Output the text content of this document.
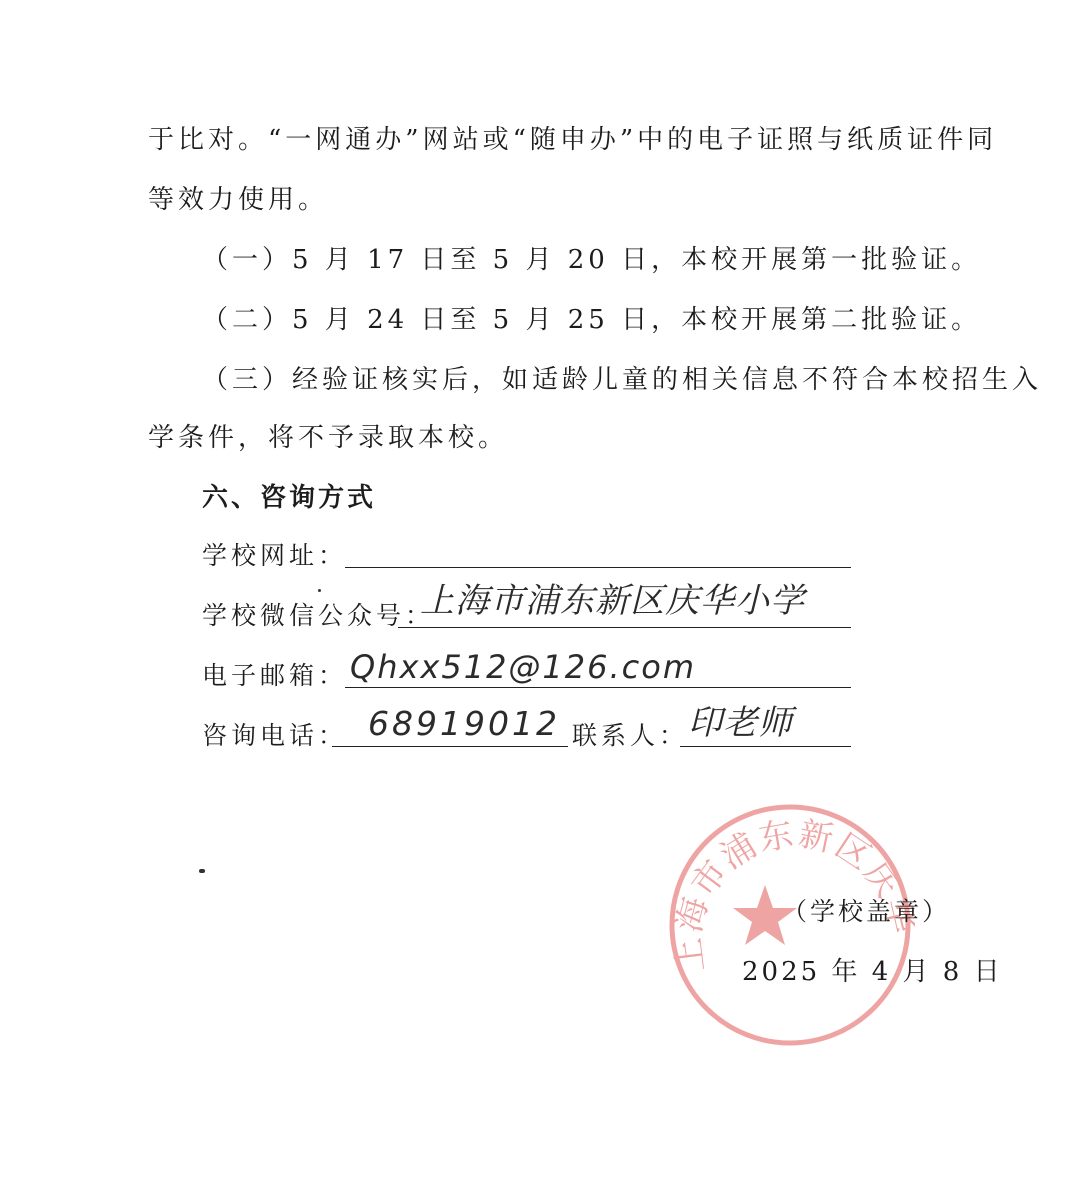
于比对。“一网通办”网站或“随申办”中的电子证照与纸质证件同
等效力使用。
（一）5 月 17 日至 5 月 20 日，本校开展第一批验证。
（二）5 月 24 日至 5 月 25 日，本校开展第二批验证。
（三）经验证核实后，如适龄儿童的相关信息不符合本校招生入
学条件，将不予录取本校。
六、咨询方式
学校网址：
学校微信公众号：
上海市浦东新区庆华小学
电子邮箱： Qhxx512@126.com
咨询电话： 68919012 联系人： 印老师
上海市浦东新区庆
（学校盖章）
2025 年 4 月 8 日
